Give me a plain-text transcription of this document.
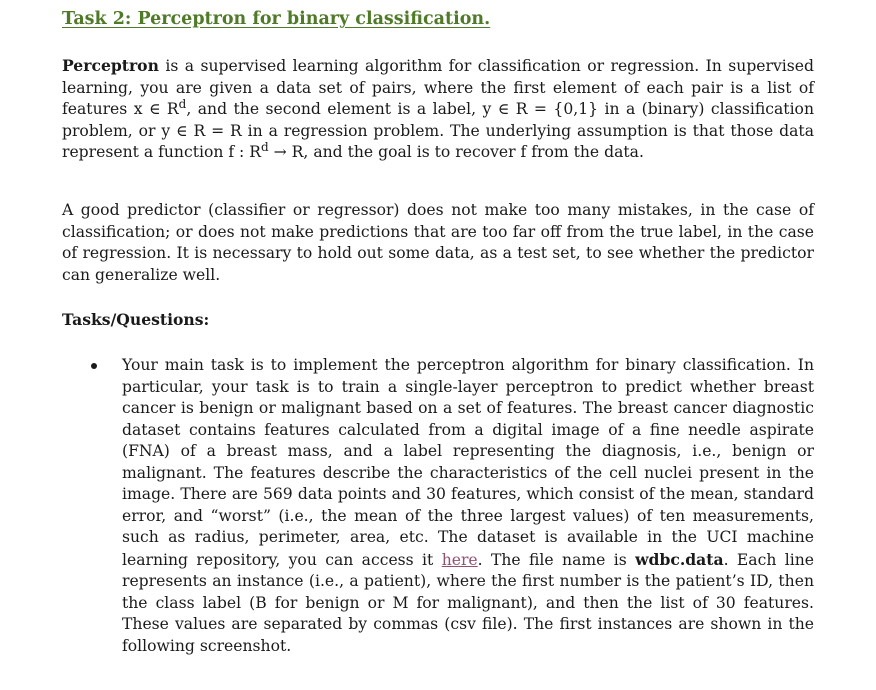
Task 2: Perceptron for binary classification.

Perceptron is a supervised learning algorithm for classification or regression. In supervised learning, you are given a data set of pairs, where the first element of each pair is a list of features x ∈ $R^d$, and the second element is a label, y ∈ R = {0,1} in a (binary) classification problem, or y ∈ R = R in a regression problem. The underlying assumption is that those data represent a function f : $R^d \to R$, and the goal is to recover f from the data.

A good predictor (classifier or regressor) does not make too many mistakes, in the case of classification; or does not make predictions that are too far off from the true label, in the case of regression. It is necessary to hold out some data, as a test set, to see whether the predictor can generalize well.

Tasks/Questions:

Your main task is to implement the perceptron algorithm for binary classification. In particular, your task is to train a single-layer perceptron to predict whether breast cancer is benign or malignant based on a set of features. The breast cancer diagnostic dataset contains features calculated from a digital image of a fine needle aspirate (FNA) of a breast mass, and a label representing the diagnosis, i.e., benign or malignant. The features describe the characteristics of the cell nuclei present in the image. There are 569 data points and 30 features, which consist of the mean, standard error, and “worst” (i.e., the mean of the three largest values) of ten measurements, such as radius, perimeter, area, etc. The dataset is available in the UCI machine learning repository, you can access it here. The file name is wdbc.data. Each line represents an instance (i.e., a patient), where the first number is the patient’s ID, then the class label (B for benign or M for malignant), and then the list of 30 features. These values are separated by commas (csv file). The first instances are shown in the following screenshot.
